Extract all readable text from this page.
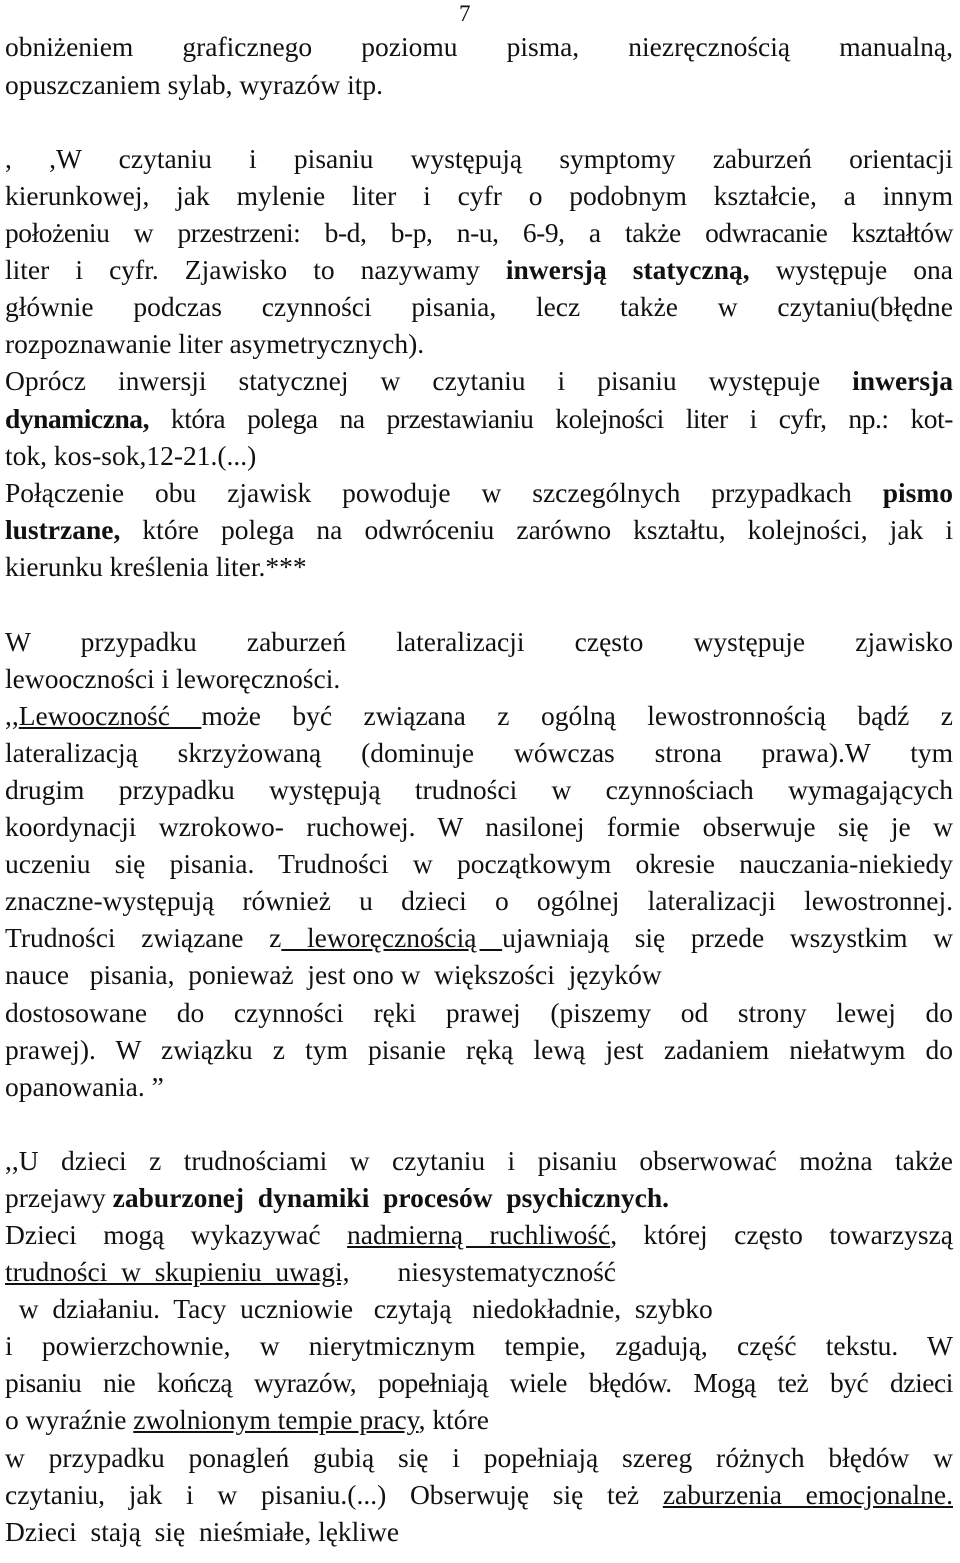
7
obniżeniem graficznego poziomu pisma, niezręcznością manualną,
opuszczaniem sylab, wyrazów itp.
, ,W czytaniu i pisaniu występują symptomy zaburzeń orientacji
kierunkowej, jak mylenie liter i cyfr o podobnym kształcie, a innym
położeniu w przestrzeni: b-d, b-p, n-u, 6-9, a także odwracanie kształtów
liter i cyfr. Zjawisko to nazywamy inwersją statyczną, występuje ona
głównie podczas czynności pisania, lecz także w czytaniu(błędne
rozpoznawanie liter asymetrycznych).
Oprócz inwersji statycznej w czytaniu i pisaniu występuje inwersja
dynamiczna, która polega na przestawianiu kolejności liter i cyfr, np.: kot-
tok, kos-sok,12-21.(...)
Połączenie obu zjawisk powoduje w szczególnych przypadkach pismo
lustrzane, które polega na odwróceniu zarówno kształtu, kolejności, jak i
kierunku kreślenia liter.***
W przypadku zaburzeń lateralizacji często występuje zjawisko
lewooczności i leworęczności.
,,Lewooczność może być związana z ogólną lewostronnością bądź z
lateralizacją skrzyżowaną (dominuje wówczas strona prawa).W tym
drugim przypadku występują trudności w czynnościach wymagających
koordynacji wzrokowo- ruchowej. W nasilonej formie obserwuje się je w
uczeniu się pisania. Trudności w początkowym okresie nauczania-niekiedy
znaczne-występują również u dzieci o ogólnej lateralizacji lewostronnej.
Trudności związane z leworęcznością ujawniają się przede wszystkim w
nauce   pisania,  ponieważ  jest ono w  większości  języków
dostosowane do czynności ręki prawej (piszemy od strony lewej do
prawej). W związku z tym pisanie ręką lewą jest zadaniem niełatwym do
opanowania. ”
,,U dzieci z trudnościami w czytaniu i pisaniu obserwować można także
przejawy zaburzonej  dynamiki  procesów  psychicznych.
Dzieci mogą wykazywać nadmierną ruchliwość, której często towarzyszą
trudności  w  skupieniu  uwagi,       niesystematyczność
w  działaniu.  Tacy  uczniowie   czytają   niedokładnie,  szybko
i powierzchownie, w nierytmicznym tempie, zgadują, część tekstu. W
pisaniu nie kończą wyrazów, popełniają wiele błędów. Mogą też być dzieci
o wyraźnie zwolnionym tempie pracy, które
w przypadku ponagleń gubią się i popełniają szereg różnych błędów w
czytaniu, jak i w pisaniu.(...) Obserwuję się też zaburzenia emocjonalne.
Dzieci  stają  się  nieśmiałe, lękliwe
